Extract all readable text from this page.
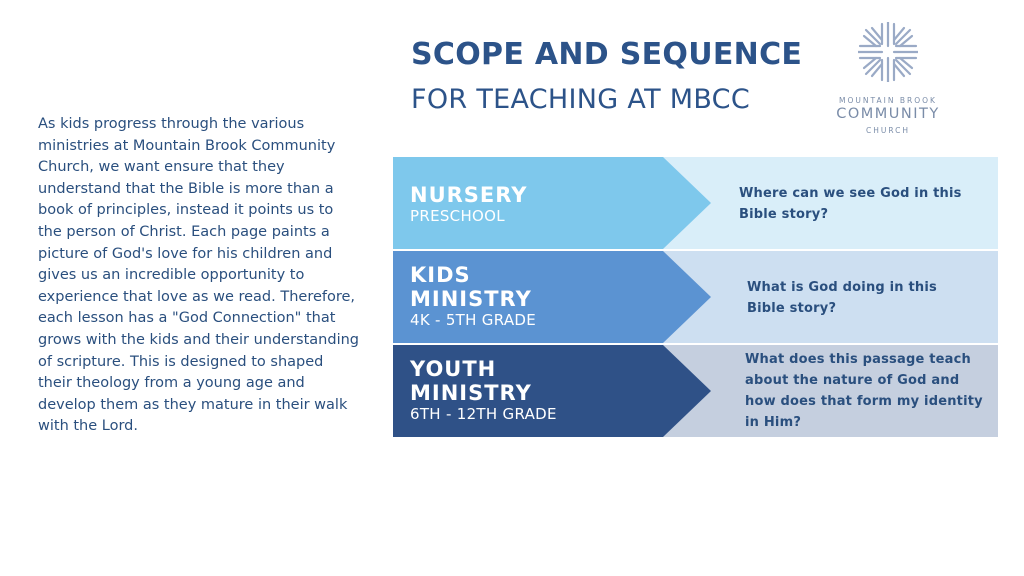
As kids progress through the various ministries at Mountain Brook Community Church, we want ensure that they understand that the Bible is more than a book of principles, instead it points us to the person of Christ. Each page paints a picture of God's love for his children and gives us an incredible opportunity to experience that love as we read. Therefore, each lesson has a "God Connection" that grows with the kids and their understanding of scripture. This is designed to shaped their theology from a young age and develop them as they mature in their walk with the Lord.

SCOPE AND SEQUENCE
FOR TEACHING AT MBCC	MOUNTAIN BROOK
COMMUNITY
CHURCH
NURSERY
PRESCHOOL
Where can we see God in this Bible story?
KIDS
MINISTRY
4K - 5TH GRADE
What is God doing in this Bible story?
YOUTH
MINISTRY
6TH - 12TH GRADE
What does this passage teach about the nature of God and how does that form my identity in Him?
